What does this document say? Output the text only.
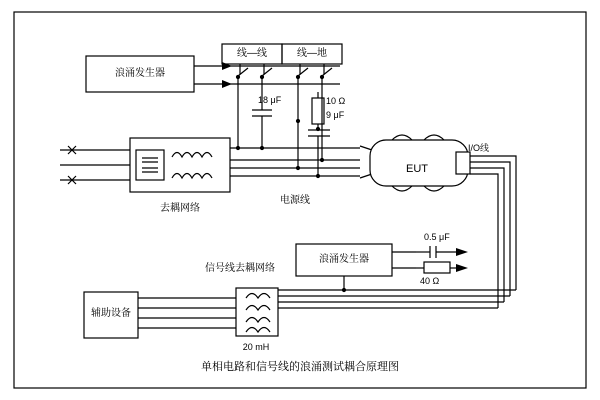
浪涌发生器
线—线	线—地
18 μF	10 Ω
9 μF
去耦网络
电源线
EUT
I/O线
浪涌发生器
0.5 μF
40 Ω
信号线去耦网络
20 mH
辅助设备
单相电路和信号线的浪涌测试耦合原理图
